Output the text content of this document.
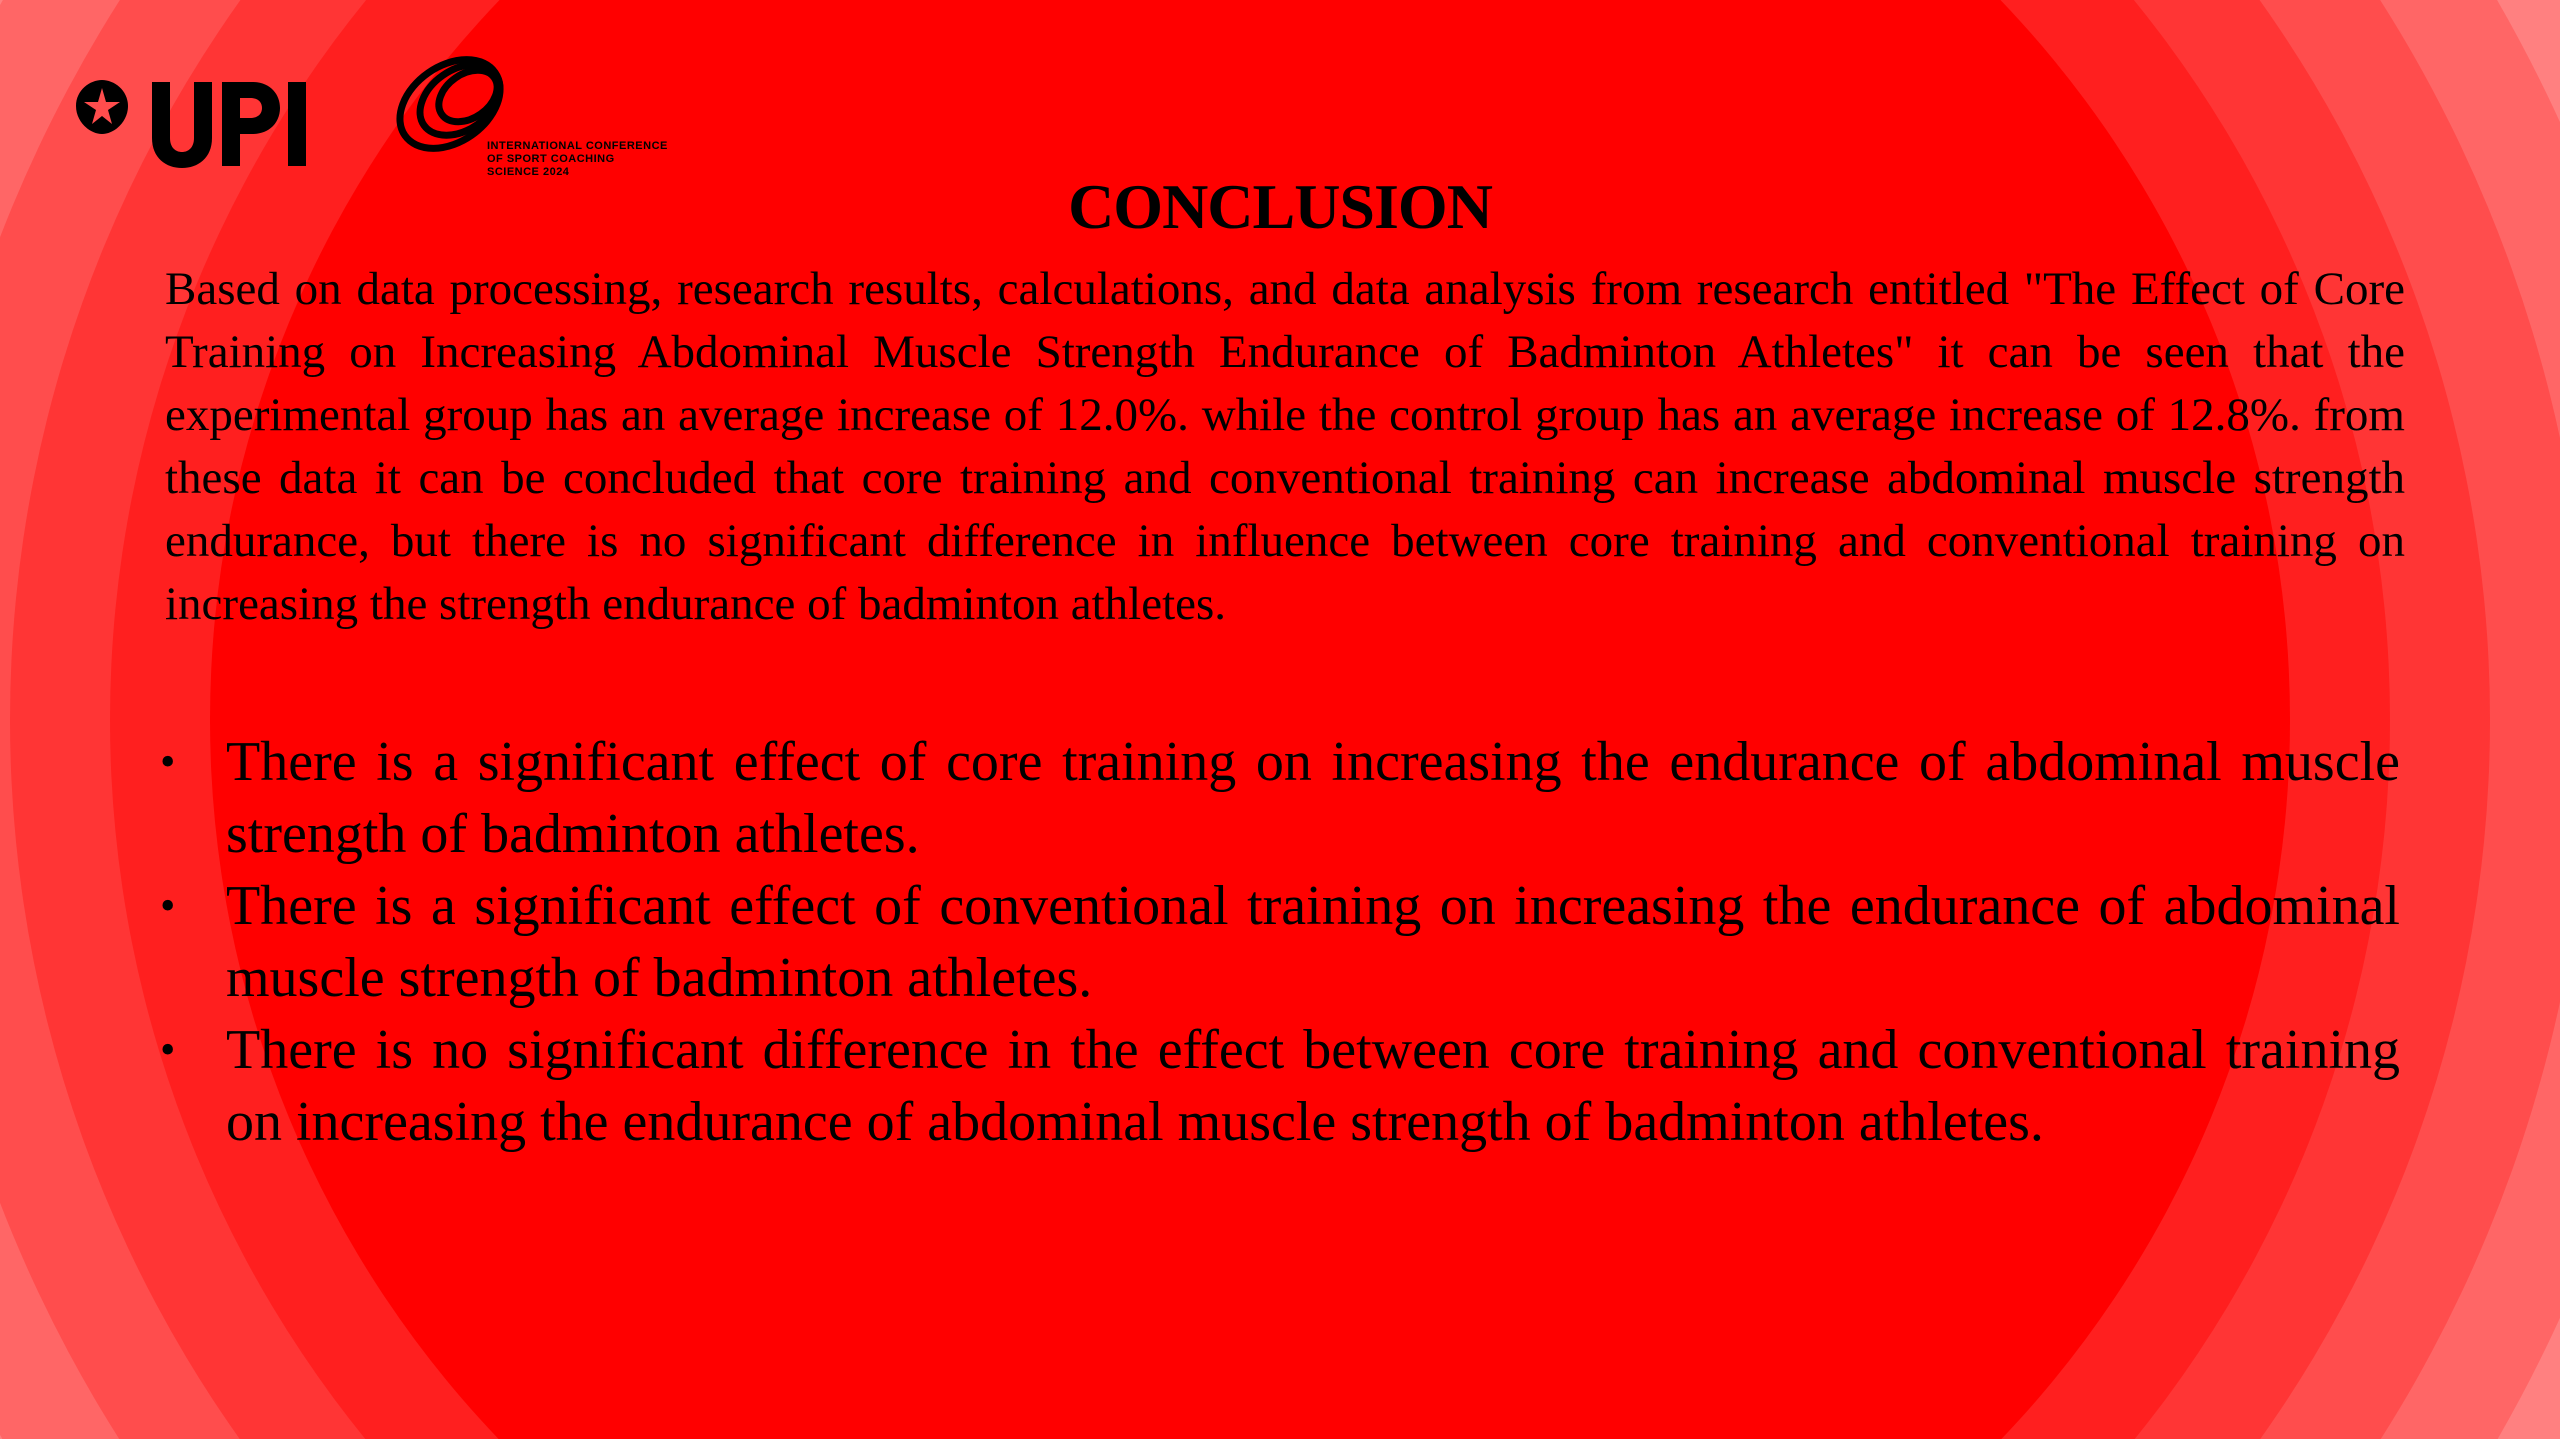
INTERNATIONAL CONFERENCE
OF SPORT COACHING
SCIENCE 2024	CONCLUSION

Based on data processing, research results, calculations, and data analysis from research entitled "The Effect of Core Training on Increasing Abdominal Muscle Strength Endurance of Badminton Athletes" it can be seen that the experimental group has an average increase of 12.0%. while the control group has an average increase of 12.8%. from these data it can be concluded that core training and conventional training can increase abdominal muscle strength endurance, but there is no significant difference in influence between core training and conventional training on increasing the strength endurance of badminton athletes.

• There is a significant effect of core training on increasing the endurance of abdominal muscle strength of badminton athletes.
• There is a significant effect of conventional training on increasing the endurance of abdominal muscle strength of badminton athletes.
• There is no significant difference in the effect between core training and conventional training on increasing the endurance of abdominal muscle strength of badminton athletes.
